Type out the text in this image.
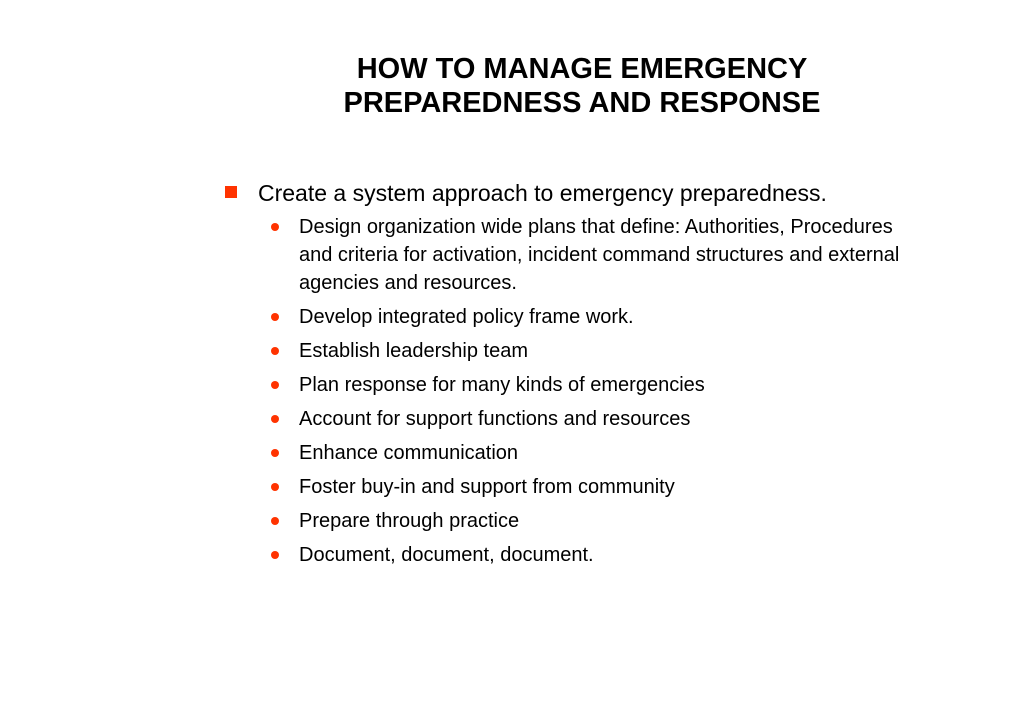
HOW TO MANAGE EMERGENCY
PREPAREDNESS AND RESPONSE
Create a system approach to emergency preparedness.
Design organization wide plans that define: Authorities, Procedures and criteria for activation, incident command structures and external agencies and resources.
Develop integrated policy frame work.
Establish leadership team
Plan response for many kinds of emergencies
Account for support functions and resources
Enhance communication
Foster buy-in and support from community
Prepare through practice
Document, document, document.
